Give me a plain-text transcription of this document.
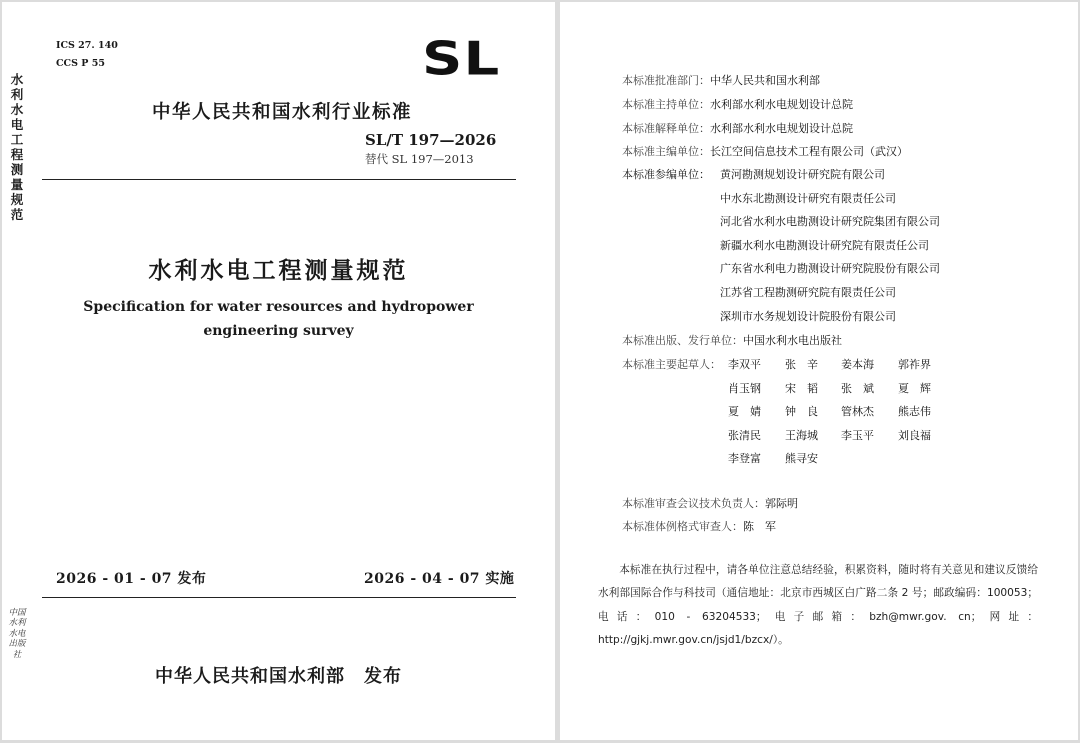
ICS 27. 140
CCS P 55
水利水电工程测量规范
中国水利水电出版社
SL
中华人民共和国水利行业标准
SL/T 197—2026
替代 SL 197—2013
水利水电工程测量规范
Specification for water resources and hydropower
engineering survey
2026 - 01 - 07 发布	2026 - 04 - 07 实施
中华人民共和国水利部　发布
本标准批准部门：中华人民共和国水利部
本标准主持单位：水利部水利水电规划设计总院
本标准解释单位：水利部水利水电规划设计总院
本标准主编单位：长江空间信息技术工程有限公司（武汉）
本标准参编单位： 黄河勘测规划设计研究院有限公司
中水东北勘测设计研究有限责任公司
河北省水利水电勘测设计研究院集团有限公司
新疆水利水电勘测设计研究院有限责任公司
广东省水利电力勘测设计研究院股份有限公司
江苏省工程勘测研究院有限责任公司
深圳市水务规划设计院股份有限公司
本标准出版、发行单位：中国水利水电出版社
本标准主要起草人： 李双平 张　辛 姜本海 郭祚界
肖玉钢 宋　韬 张　斌 夏　辉
夏　婧 钟　良 管林杰 熊志伟
张清民 王海城 李玉平 刘良福
李登富 熊寻安
本标准审查会议技术负责人：郭际明
本标准体例格式审查人：陈　军
本标准在执行过程中，请各单位注意总结经验，积累资料，随时将有关意见和建议反馈给水利部国际合作与科技司（通信地址：北京市西城区白广路二条 2 号；邮政编码：100053；电话：010 - 63204533；电子邮箱：bzh@mwr.gov. cn；网址：http://gjkj.mwr.gov.cn/jsjd1/bzcx/）。
